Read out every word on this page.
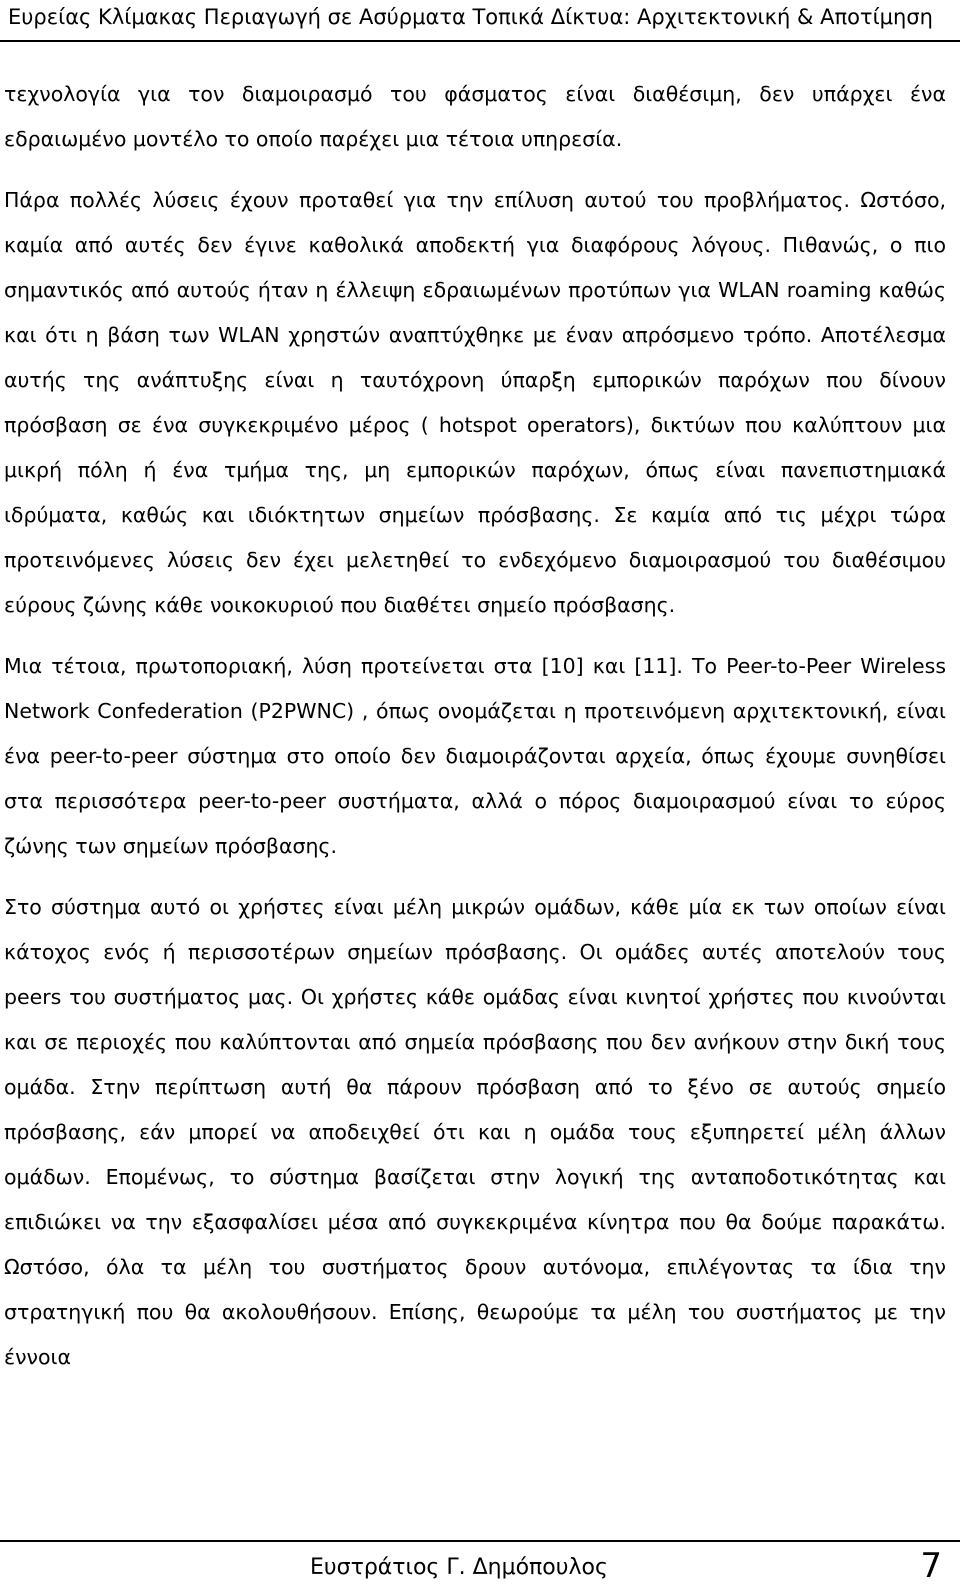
Ευρείας Κλίμακας Περιαγωγή σε Ασύρματα Τοπικά Δίκτυα: Αρχιτεκτονική & Αποτίμηση

τεχνολογία για τον διαμοιρασμό του φάσματος είναι διαθέσιμη, δεν υπάρχει ένα εδραιωμένο μοντέλο το οποίο παρέχει μια τέτοια υπηρεσία.

Πάρα πολλές λύσεις έχουν προταθεί για την επίλυση αυτού του προβλήματος. Ωστόσο, καμία από αυτές δεν έγινε καθολικά αποδεκτή για διαφόρους λόγους. Πιθανώς, ο πιο σημαντικός από αυτούς ήταν η έλλειψη εδραιωμένων προτύπων για WLAN roaming καθώς και ότι η βάση των WLAN χρηστών αναπτύχθηκε με έναν απρόσμενο τρόπο. Αποτέλεσμα αυτής της ανάπτυξης είναι η ταυτόχρονη ύπαρξη εμπορικών παρόχων που δίνουν πρόσβαση σε ένα συγκεκριμένο μέρος ( hotspot operators), δικτύων που καλύπτουν μια μικρή πόλη ή ένα τμήμα της, μη εμπορικών παρόχων, όπως είναι πανεπιστημιακά ιδρύματα, καθώς και ιδιόκτητων σημείων πρόσβασης. Σε καμία από τις μέχρι τώρα προτεινόμενες λύσεις δεν έχει μελετηθεί το ενδεχόμενο διαμοιρασμού του διαθέσιμου εύρους ζώνης κάθε νοικοκυριού που διαθέτει σημείο πρόσβασης.

Μια τέτοια, πρωτοποριακή, λύση προτείνεται στα [10] και [11]. Το Peer-to-Peer Wireless Network Confederation (P2PWNC) , όπως ονομάζεται η προτεινόμενη αρχιτεκτονική, είναι ένα peer-to-peer σύστημα στο οποίο δεν διαμοιράζονται αρχεία, όπως έχουμε συνηθίσει στα περισσότερα peer-to-peer συστήματα, αλλά ο πόρος διαμοιρασμού είναι το εύρος ζώνης των σημείων πρόσβασης.

Στο σύστημα αυτό οι χρήστες είναι μέλη μικρών ομάδων, κάθε μία εκ των οποίων είναι κάτοχος ενός ή περισσοτέρων σημείων πρόσβασης. Οι ομάδες αυτές αποτελούν τους peers του συστήματος μας. Οι χρήστες κάθε ομάδας είναι κινητοί χρήστες που κινούνται και σε περιοχές που καλύπτονται από σημεία πρόσβασης που δεν ανήκουν στην δική τους ομάδα. Στην περίπτωση αυτή θα πάρουν πρόσβαση από το ξένο σε αυτούς σημείο πρόσβασης, εάν μπορεί να αποδειχθεί ότι και η ομάδα τους εξυπηρετεί μέλη άλλων ομάδων. Επομένως, το σύστημα βασίζεται στην λογική της ανταποδοτικότητας και επιδιώκει να την εξασφαλίσει μέσα από συγκεκριμένα κίνητρα που θα δούμε παρακάτω. Ωστόσο, όλα τα μέλη του συστήματος δρουν αυτόνομα, επιλέγοντας τα ίδια την στρατηγική που θα ακολουθήσουν. Επίσης, θεωρούμε τα μέλη του συστήματος με την έννοια

Ευστράτιος Γ. Δημόπουλος	7
